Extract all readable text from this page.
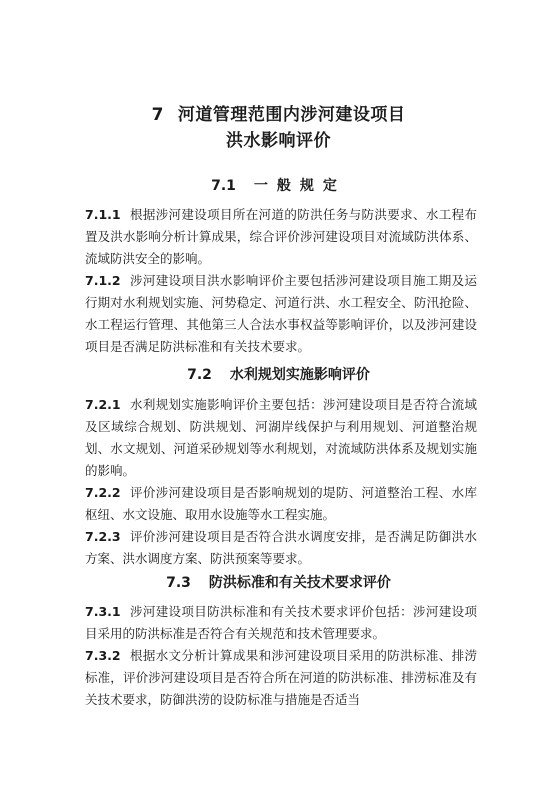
7 河道管理范围内涉河建设项目
洪水影响评价
7.1 一般规定
7.1.1 根据涉河建设项目所在河道的防洪任务与防洪要求、水工程布置及洪水影响分析计算成果，综合评价涉河建设项目对流域防洪体系、流域防洪安全的影响。
7.1.2 涉河建设项目洪水影响评价主要包括涉河建设项目施工期及运行期对水利规划实施、河势稳定、河道行洪、水工程安全、防汛抢险、水工程运行管理、其他第三人合法水事权益等影响评价，以及涉河建设项目是否满足防洪标准和有关技术要求。
7.2 水利规划实施影响评价
7.2.1 水利规划实施影响评价主要包括：涉河建设项目是否符合流域及区域综合规划、防洪规划、河湖岸线保护与利用规划、河道整治规划、水文规划、河道采砂规划等水利规划，对流域防洪体系及规划实施的影响。
7.2.2 评价涉河建设项目是否影响规划的堤防、河道整治工程、水库枢纽、水文设施、取用水设施等水工程实施。
7.2.3 评价涉河建设项目是否符合洪水调度安排，是否满足防御洪水方案、洪水调度方案、防洪预案等要求。
7.3 防洪标准和有关技术要求评价
7.3.1 涉河建设项目防洪标准和有关技术要求评价包括：涉河建设项目采用的防洪标准是否符合有关规范和技术管理要求。
7.3.2 根据水文分析计算成果和涉河建设项目采用的防洪标准、排涝标准，评价涉河建设项目是否符合所在河道的防洪标准、排涝标准及有关技术要求，防御洪涝的设防标准与措施是否适当
